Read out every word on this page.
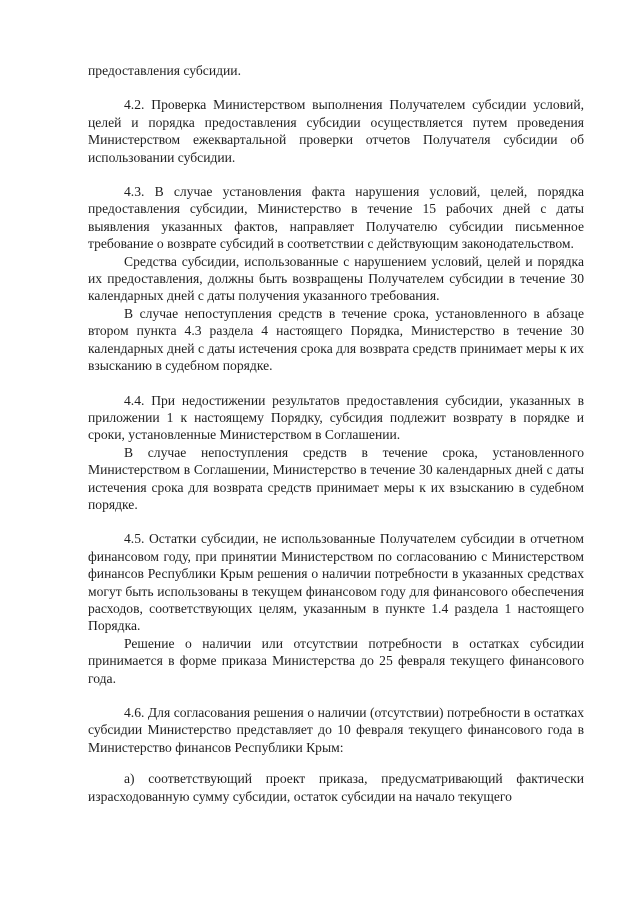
предоставления субсидии.

4.2. Проверка Министерством выполнения Получателем субсидии условий, целей и порядка предоставления субсидии осуществляется путем проведения Министерством ежеквартальной проверки отчетов Получателя субсидии об использовании субсидии.

4.3. В случае установления факта нарушения условий, целей, порядка предоставления субсидии, Министерство в течение 15 рабочих дней с даты выявления указанных фактов, направляет Получателю субсидии письменное требование о возврате субсидий в соответствии с действующим законодательством.

Средства субсидии, использованные с нарушением условий, целей и порядка их предоставления, должны быть возвращены Получателем субсидии в течение 30 календарных дней с даты получения указанного требования.

В случае непоступления средств в течение срока, установленного в абзаце втором пункта 4.3 раздела 4 настоящего Порядка, Министерство в течение 30 календарных дней с даты истечения срока для возврата средств принимает меры к их взысканию в судебном порядке.

4.4. При недостижении результатов предоставления субсидии, указанных в приложении 1 к настоящему Порядку, субсидия подлежит возврату в порядке и сроки, установленные Министерством в Соглашении.

В случае непоступления средств в течение срока, установленного Министерством в Соглашении, Министерство в течение 30 календарных дней с даты истечения срока для возврата средств принимает меры к их взысканию в судебном порядке.

4.5. Остатки субсидии, не использованные Получателем субсидии в отчетном финансовом году, при принятии Министерством по согласованию с Министерством финансов Республики Крым решения о наличии потребности в указанных средствах могут быть использованы в текущем финансовом году для финансового обеспечения расходов, соответствующих целям, указанным в пункте 1.4 раздела 1 настоящего Порядка.

Решение о наличии или отсутствии потребности в остатках субсидии принимается в форме приказа Министерства до 25 февраля текущего финансового года.

4.6. Для согласования решения о наличии (отсутствии) потребности в остатках субсидии Министерство представляет до 10 февраля текущего финансового года в Министерство финансов Республики Крым:

а) соответствующий проект приказа, предусматривающий фактически израсходованную сумму субсидии, остаток субсидии на начало текущего
